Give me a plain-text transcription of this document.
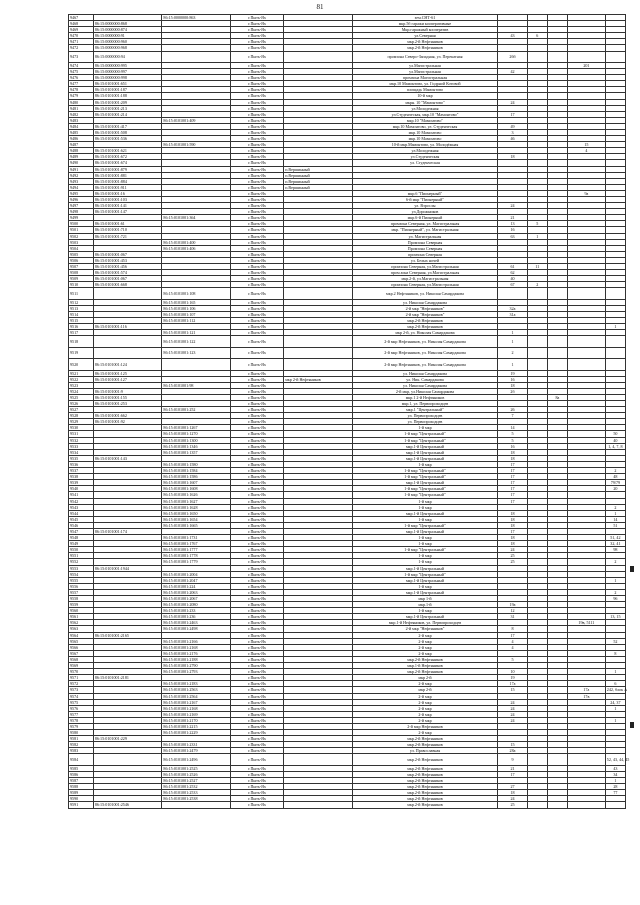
81
9467		86:15:0000000:863	г.Пыть-Ях		зем.СНТ-61					
9468	86:15:0000000:868		г.Пыть-Ях		мкр.5б гаражи кооперативные					
9469	86:15:0000000:874		г.Пыть-Ях		Мкр.гаражный кооператив					
9470	86:15:0000000:91		г.Пыть-Ях		ул.Северная	43	6			
9471	86:15:0000000:960		г.Пыть-Ях		мкр.2-й Нефтяников					
9472	86:15:0000000:968		г.Пыть-Ях		мкр.2-й Нефтяников					
9473	86:15:0000000:94		г.Пыть-Ях		промзона Северо-Западная, ул. Перекатная	26б				
9474	86:15:0000000:995		г.Пыть-Ях		ул.Магистральная				201	
9475	86:15:0000000:997		г.Пыть-Ях		ул.Магистральная	42				
9476	86:15:0000000:998		г.Пыть-Ях		промзона Магистральная					
9477	86:15:0101001:651		г.Пыть-Ях		мкр.10 Мамонтово, ул. Гидрной Котовой					
9478	86:15:0101001:187		г.Пыть-Ях		площадь Мамонтово					
9479	86:15:0101001:188		г.Пыть-Ях		10-й мкр					
9480	86:15:0101001:209		г.Пыть-Ях		мкрн. 10 "Мамонтово"	24				
9481	86:15:0101001:213		г.Пыть-Ях		ул.Молодежная					
9482	86:15:0101001:214		г.Пыть-Ях		ул.Студенческая, мкр.10 "Мамонтово"	17				
9483		86:15:0101001:409	г.Пыть-Ях		мкр.10 "Мамонтово"					
9484	86:15:0101001:417		г.Пыть-Ях		мкр.10 Мамонтово, ул. Студенческая	49				
9485	86:15:0101001:508		г.Пыть-Ях		мкр.10 Мамонтово	3				
9486	86:15:0101001:536		г.Пыть-Ях		мкр.10 Мамонтово	46				
9487		86:15:0101001:590	г.Пыть-Ях		10-й мкр.Мамонтово, ул. Молодёжная				15	
9488	86:15:0101001:621		г.Пыть-Ях		ул.Молодежная				4	
9489	86:15:0101001:672		г.Пыть-Ях		ул.Студенческая	18				
9490	86:15:0101001:674		г.Пыть-Ях		ул. Студенческая					
9491	86:15:0101001:879		г.Пыть-Ях	п.Вершинный						
9492	86:15:0101001:881		г.Пыть-Ях	п.Вершинный						
9493	86:15:0101001:884		г.Пыть-Ях	п.Вершинный						
9494	86:15:0101001:911		г.Пыть-Ях	п.Вершинный						
9495	86:15:0101001:16		г.Пыть-Ях		мкр.6 "Пионерный"				9а	
9496	86:15:0101001:103		г.Пыть-Ях		6-й мкр "Пионерный"					
9497	86:15:0101001:141		г.Пыть-Ях		ул. Взрослы	24				
9498	86:15:0101001:147		г.Пыть-Ях		ул.Дорожников					
9499		86:15:0101001:364	г.Пыть-Ях		мкр.6-й Пионерный	21				
9500	86:15:0101001:61		г.Пыть-Ях		промзона Северная, ул. Магистральная	13	5			
9501	86:15:0101001:710		г.Пыть-Ях		мкр. "Пионерный", ул. Магистральная	16				
9502	86:15:0101001:721		г.Пыть-Ях		ул. Магистральная	63	1			
9503		86:15:0101001:400	г.Пыть-Ях		Промзона Северная					
9504		86:15:0101001:406	г.Пыть-Ях		Промзона Северная					
9505	86:15:0101001:067		г.Пыть-Ях		промзона Северная					
9506	86:15:0101001:453		г.Пыть-Ях		ул. Белых ночей					
9507	86:15:0101001:456		г.Пыть-Ях		промзона Северная, ул.Магистральная	61	11			
9508	86:15:0101001:574		г.Пыть-Ях		пром.зона Северная, ул.Магистральная	62				
9509	86:15:0101001:067		г.Пыть-Ях		мкр.2-й, ул.Магистральная	40				
9510	86:15:0101001:668		г.Пыть-Ях		промзона Северная, ул.Магистральная	67	2			
9511		86:15:0101001:108	г.Пыть-Ях		мкр.2 Нефтяников, ул. Николая Самардакова					
9512		86:15:0101001:165	г.Пыть-Ях		ул. Николая Самардакова					
9513		86:15:0101001:106	г.Пыть-Ях		2-й мкр "Нефтяников"	32а				
9514		86:15:0101001:107	г.Пыть-Ях		2-й мкр "Нефтяников"	31а				
9515		86:15:0101001:112	г.Пыть-Ях		мкр.2-й Нефтяников					
9516	86:15:0101001:116		г.Пыть-Ях		мкр.2-й Нефтяников					1
9517		86:15:0101001:121	г.Пыть-Ях		мкр 2-й, ул. Николая Самардакова	1				
9518		86:15:0101001:122	г.Пыть-Ях		2-й мкр Нефтяников, ул. Николая Самардакова	1				
9519		86:15:0101001:123	г.Пыть-Ях		2-й мкр Нефтяников, ул. Николая Самардакова	2				
9520	86:15:0101001:124		г.Пыть-Ях		2-й мкр Нефтяников, ул. Николая Самардакова	1				
9521	86:15:0101001:125		г.Пыть-Ях		ул. Николая Самардакова	19				
9522	86:15:0101001:127		г.Пыть-Ях	мкр 2-й Нефтяников	ул. Ник. Самардакова	16				
9523		86:15:0101001:98	г.Пыть-Ях		ул. Николая Самардакова	18				
9524	86:15:0101001:9		г.Пыть-Ях		2-й мкр, ул.Николая Самардакова	2б				
9525	86:15:0101001:155		г.Пыть-Ях		мкр.1 2-й Нефтяников			8а		
9526	86:15:0101001:253		г.Пыть-Ях		мкр.1, ул. Первопроходцев					
9527		86:15:0101001:252	г.Пыть-Ях		мкр.1 "Центральный"	26				
9528	86:15:0101001:662		г.Пыть-Ях		ул. Первопроходцев	7				
9529	86:15:0101001:92		г.Пыть-Ях		ул. Первопроходцев					
9530		86:15:0101001:1267	г.Пыть-Ях		1-й мкр	14				
9531		86:15:0101001:1270	г.Пыть-Ях		1-й мкр "Центральный"	5				50
9532		86:15:0101001:1300	г.Пыть-Ях		1-й мкр "Центральный"	5				40
9533		86:15:0101001:1346	г.Пыть-Ях		мкр.1-й Центральный	16				1, 4, 7, 8
9534		86:15:0101001:1357	г.Пыть-Ях		мкр.1-й Центральный	18				
9535	86:15:0101001:143		г.Пыть-Ях		мкр.1-й Центральный	18				
9536		86:15:0101001:1580	г.Пыть-Ях		1-й мкр	17				
9537		86:15:0101001:1584	г.Пыть-Ях		1-й мкр "Центральный"	17				2
9538		86:15:0101001:1586	г.Пыть-Ях		1-й мкр "Центральный"	17				48
9539		86:15:0101001:1607	г.Пыть-Ях		мкр.1-й Центральный	17				79/79
9540		86:15:0101001:1608	г.Пыть-Ях		1-й мкр "Центральный"	17				20
9541		86:15:0101001:1626	г.Пыть-Ях		1-й мкр "Центральный"	17				
9542		86:15:0101001:1627	г.Пыть-Ях		1-й мкр	17				
9543		86:15:0101001:1628	г.Пыть-Ях		1-й мкр					2
9544		86:15:0101001:1650	г.Пыть-Ях		мкр.1-й Центральный	18				1
9545		86:15:0101001:1654	г.Пыть-Ях		1-й мкр	18				14
9546		86:15:0101001:1665	г.Пыть-Ях		1-й мкр "Центральный"	18				51
9547	86:15:0101001:174		г.Пыть-Ях		мкр.1-й Центральный	17				
9548		86:15:0101001:1731	г.Пыть-Ях		1-й мкр	18				51, 42
9549		86:15:0101001:1767	г.Пыть-Ях		1-й мкр	18				32, 41
9550		86:15:0101001:1777	г.Пыть-Ях		1-й мкр "Центральный"	24				98
9551		86:15:0101001:1778	г.Пыть-Ях		1-й мкр	25				
9552		86:15:0101001:1779	г.Пыть-Ях		1-й мкр	25				2
9553	86:15:0101001:1944		г.Пыть-Ях		мкр.1-й Центральный					
9554		86:15:0101001:2004	г.Пыть-Ях		1-й мкр "Центральный"					
9555		86:15:0101001:2047	г.Пыть-Ях		мкр.1-й Центральный					1
9556		86:15:0101001:224	г.Пыть-Ях		1-й мкр					
9557		86:15:0101001:2063	г.Пыть-Ях		мкр.1-й Центральный					2
9558		86:15:0101001:2067	г.Пыть-Ях		мкр 1-й					96
9559		86:15:0101001:2080	г.Пыть-Ях		мкр.1-й	19а				
9560		86:15:0101001:233	г.Пыть-Ях		1-й мкр	12				
9561		86:15:0101001:236	г.Пыть-Ях		мкр.1-й Центральный	31				13, 15
9562		86:15:0101001:2463	г.Пыть-Ях		мкр.1-й Нефтяников, ул. Первопроходцев				19в, 5111	
9563		86:15:0101001:2498	г.Пыть-Ях		2-й мкр "Нефтяников"	8				
9564	86:15:0101001:2165		г.Пыть-Ях		2-й мкр	17				
9565		86:15:0101001:2166	г.Пыть-Ях		2-й мкр	4				52
9566		86:15:0101001:2168	г.Пыть-Ях		2-й мкр	4				
9567		86:15:0101001:2176	г.Пыть-Ях		2-й мкр					8
9568		86:15:0101001:2188	г.Пыть-Ях		мкр.2-й Нефтяников	5				
9569		86:15:0101001:2790	г.Пыть-Ях		мкр.1-й Нефтяников					
9570		86:15:0101001:2793	г.Пыть-Ях		мкр.2-й Нефтяников	10				1
9571	86:15:0101001:2181		г.Пыть-Ях		мкр 2-й	19				
9572		86:15:0101001:2183	г.Пыть-Ях		2-й мкр	17а				6
9573		86:15:0101001:2563	г.Пыть-Ях		мкр 2-й	15			17а	242, блок А
9574		86:15:0101001:2564	г.Пыть-Ях		2-й мкр				17в	
9575		86:15:0101001:2167	г.Пыть-Ях		2-й мкр	24				24, 37
9576		86:15:0101001:2168	г.Пыть-Ях		2-й мкр	24				1
9577		86:15:0101001:2169	г.Пыть-Ях		2-й мкр	24				
9578		86:15:0101001:2170	г.Пыть-Ях		2-й мкр	24				1
9579		86:15:0101001:2215	г.Пыть-Ях		2-й мкр Нефтяников					
9580		86:15:0101001:2229	г.Пыть-Ях		2-й мкр					
9581	86:15:0101001:229		г.Пыть-Ях		мкр.2-й Нефтяников					
9582		86:15:0101001:2331	г.Пыть-Ях		мкр.2-й Нефтяников	15				
9583		86:15:0101001:2479	г.Пыть-Ях		ул. Православная	28а				
9584		86:15:0101001:2496	г.Пыть-Ях		мкр.2-й Нефтяников	9				52, 43, 44, 45
9585		86:15:0101001:2525	г.Пыть-Ях		мкр.2-й Нефтяников	21				43
9586		86:15:0101001:2526	г.Пыть-Ях		мкр.2-й Нефтяников	17				34
9587		86:15:0101001:2527	г.Пыть-Ях		мкр.2-й Нефтяников					1
9588		86:15:0101001:2532	г.Пыть-Ях		мкр.2-й Нефтяников	27				28
9589		86:15:0101001:2533	г.Пыть-Ях		мкр.2-й Нефтяников	18				77
9590		86:15:0101001:2538	г.Пыть-Ях		мкр.2-й Нефтяников	24				
9591	86:15:0101001:2546		г.Пыть-Ях		мкр.2-й Нефтяников	25				
